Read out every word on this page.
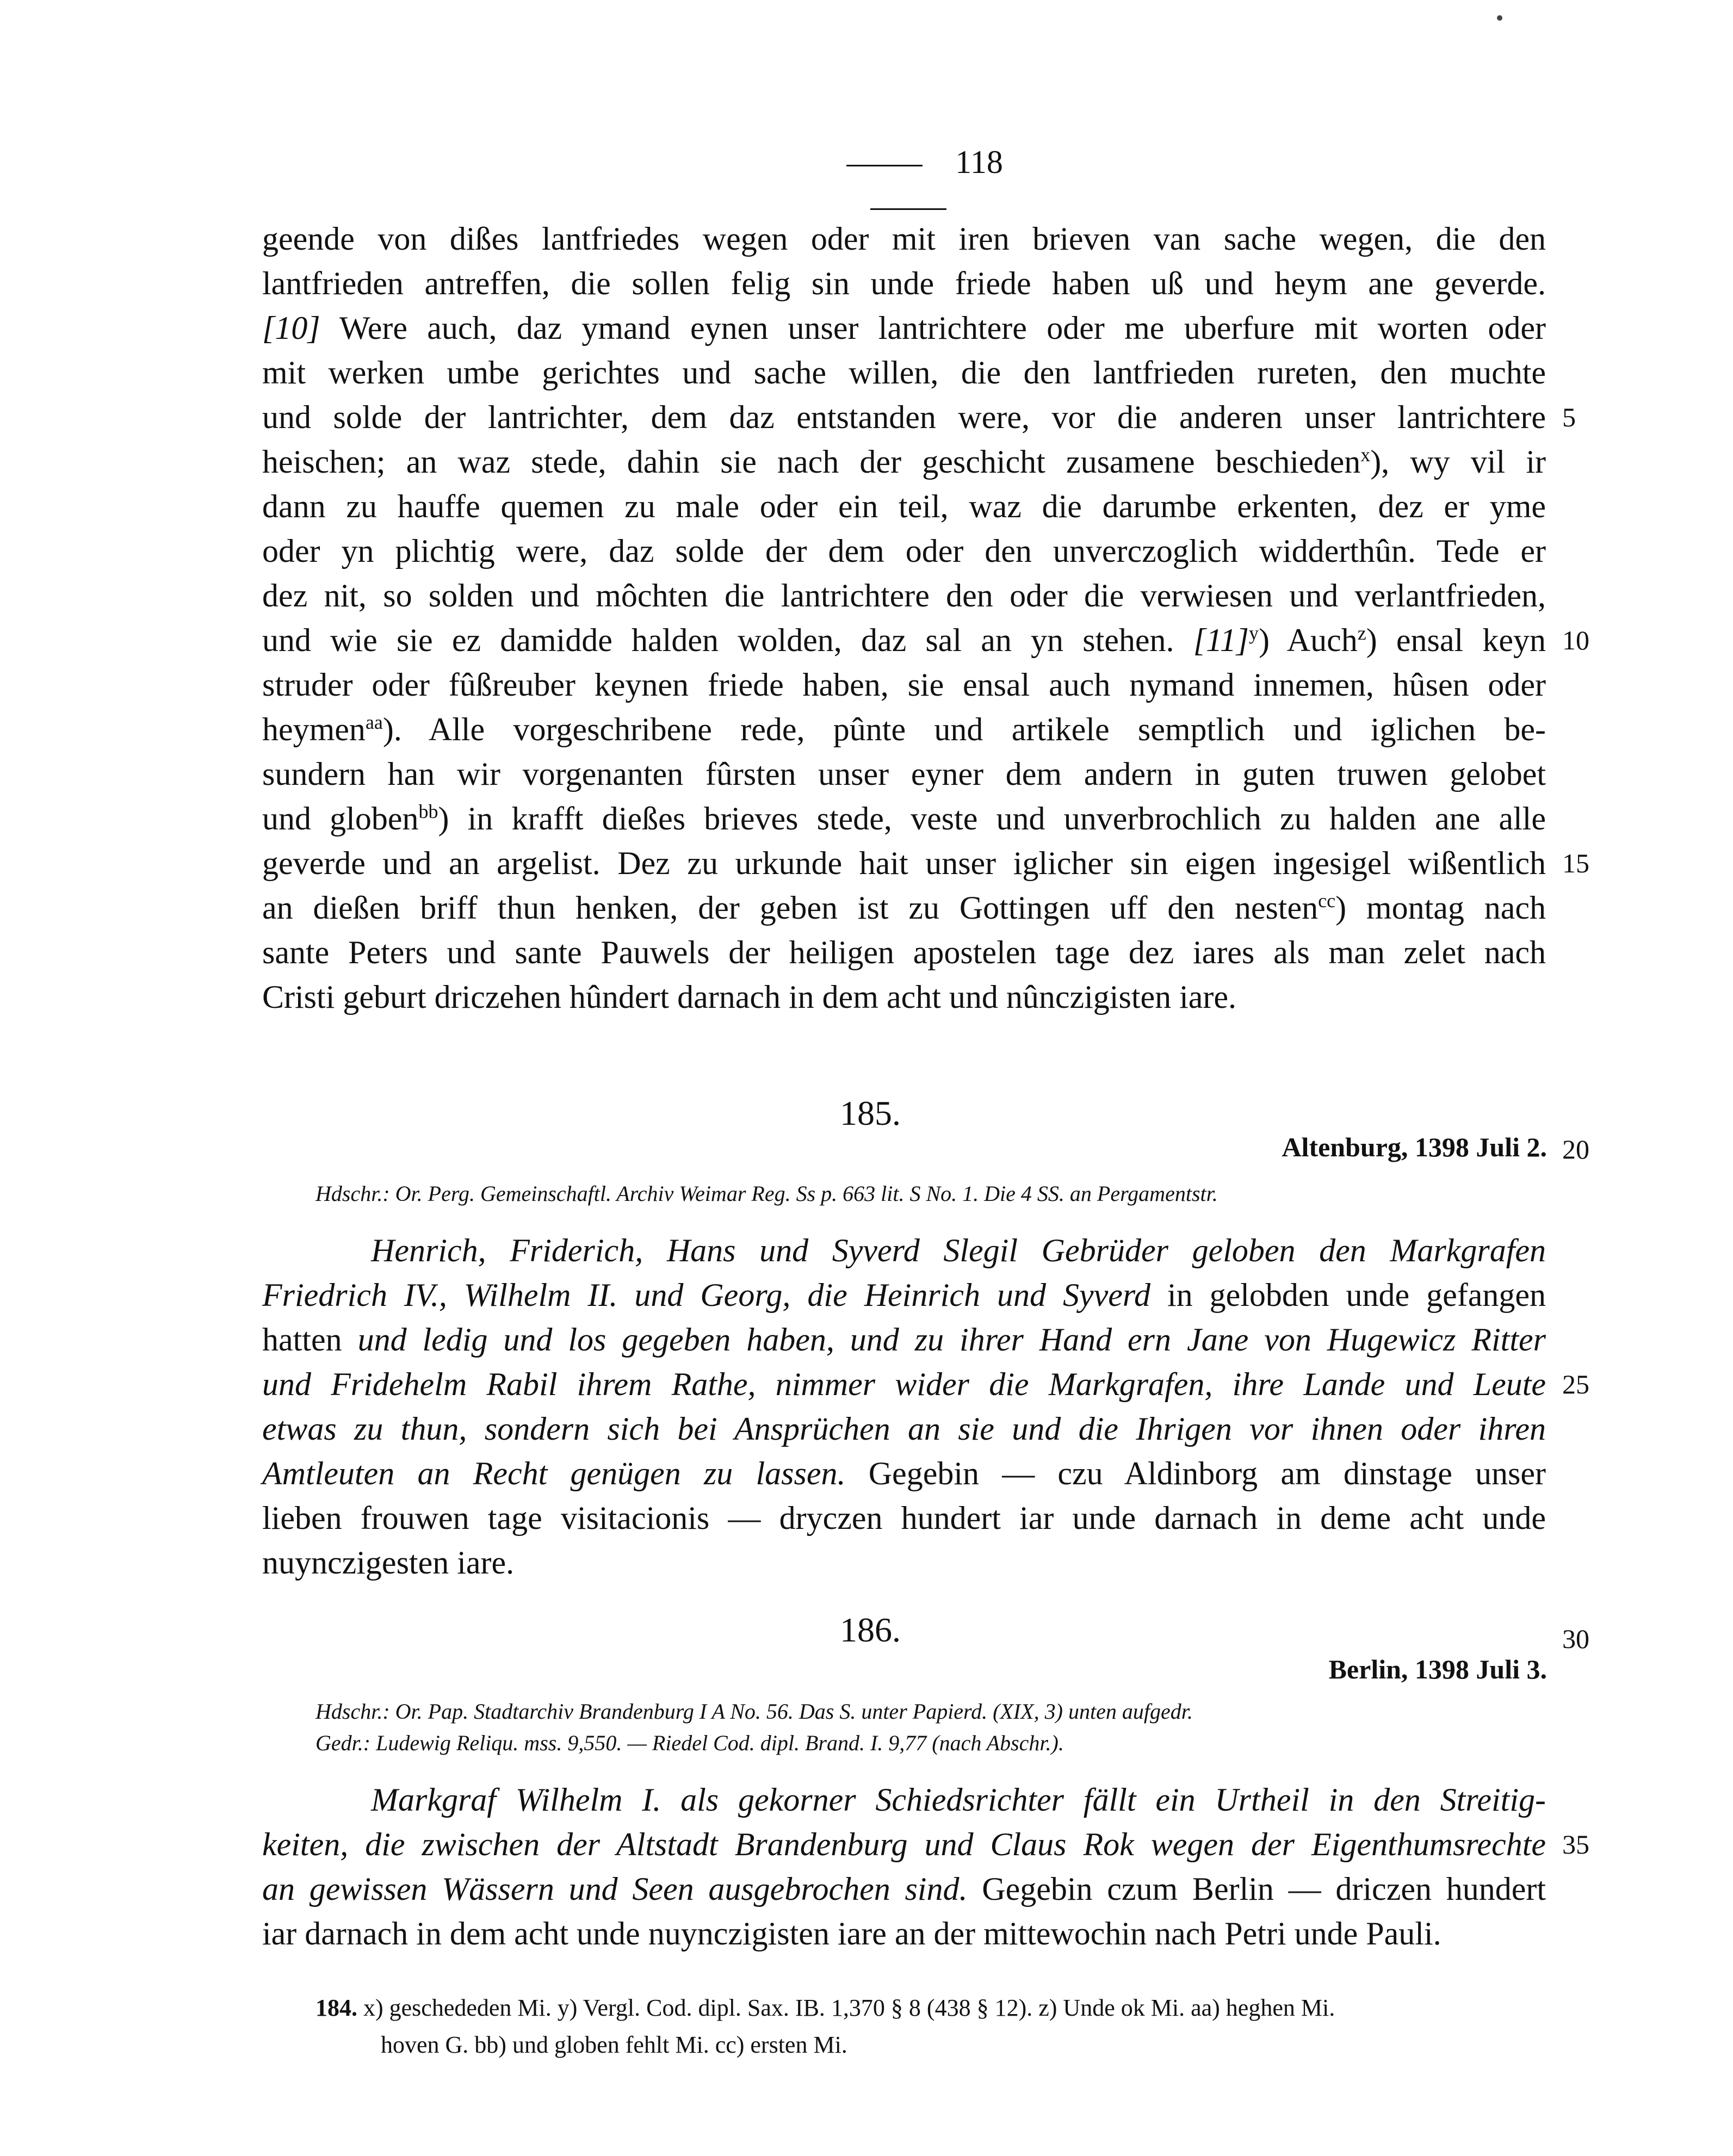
118
geende von dißes lantfriedes wegen oder mit iren brieven van sache wegen, die den
lantfrieden antreffen, die sollen felig sin unde friede haben uß und heym ane geverde.
[10] Were auch, daz ymand eynen unser lantrichtere oder me uberfure mit worten oder
mit werken umbe gerichtes und sache willen, die den lantfrieden rureten, den muchte
und solde der lantrichter, dem daz entstanden were, vor die anderen unser lantrichtere
heischen; an waz stede, dahin sie nach der geschicht zusamene beschieden$^x$), wy vil ir
dann zu hauffe quemen zu male oder ein teil, waz die darumbe erkenten, dez er yme
oder yn plichtig were, daz solde der dem oder den unverczoglich widderthûn. Tede er
dez nit, so solden und môchten die lantrichtere den oder die verwiesen und verlantfrieden,
und wie sie ez damidde halden wolden, daz sal an yn stehen. $[11]^y$) Auch$^z$) ensal keyn
struder oder fûßreuber keynen friede haben, sie ensal auch nymand innemen, hûsen oder
heymen$^{aa}$). Alle vorgeschribene rede, pûnte und artikele semptlich und iglichen be-
sundern han wir vorgenanten fûrsten unser eyner dem andern in guten truwen gelobet
und globen$^{bb}$) in krafft dießes brieves stede, veste und unverbrochlich zu halden ane alle
geverde und an argelist. Dez zu urkunde hait unser iglicher sin eigen ingesigel wißentlich
an dießen briff thun henken, der geben ist zu Gottingen uff den nesten$^{cc}$) montag nach
sante Peters und sante Pauwels der heiligen apostelen tage dez iares als man zelet nach
Cristi geburt driczehen hûndert darnach in dem acht und nûnczigisten iare.
5
10
15
185.
Altenburg, 1398 Juli 2. 20
Hdschr.: Or. Perg. Gemeinschaftl. Archiv Weimar Reg. Ss p. 663 lit. S No. 1. Die 4 SS. an Pergamentstr.
Henrich, Friderich, Hans und Syverd Slegil Gebrüder geloben den Markgrafen
Friedrich IV., Wilhelm II. und Georg, die Heinrich und Syverd in gelobden unde gefangen
hatten und ledig und los gegeben haben, und zu ihrer Hand ern Jane von Hugewicz Ritter
und Fridehelm Rabil ihrem Rathe, nimmer wider die Markgrafen, ihre Lande und Leute
etwas zu thun, sondern sich bei Ansprüchen an sie und die Ihrigen vor ihnen oder ihren
Amtleuten an Recht genügen zu lassen. Gegebin — czu Aldinborg am dinstage unser
lieben frouwen tage visitacionis — dryczen hundert iar unde darnach in deme acht unde
nuynczigesten iare.
25
186.	30
Berlin, 1398 Juli 3.
Hdschr.: Or. Pap. Stadtarchiv Brandenburg I A No. 56. Das S. unter Papierd. (XIX, 3) unten aufgedr.
Gedr.: Ludewig Reliqu. mss. 9,550. — Riedel Cod. dipl. Brand. I. 9,77 (nach Abschr.).
Markgraf Wilhelm I. als gekorner Schiedsrichter fällt ein Urtheil in den Streitig-
keiten, die zwischen der Altstadt Brandenburg und Claus Rok wegen der Eigenthumsrechte
an gewissen Wässern und Seen ausgebrochen sind. Gegebin czum Berlin — driczen hundert
iar darnach in dem acht unde nuynczigisten iare an der mittewochin nach Petri unde Pauli.
35
184. x) geschededen Mi. y) Vergl. Cod. dipl. Sax. IB. 1,370 § 8 (438 § 12). z) Unde ok Mi. aa) heghen Mi.
hoven G. bb) und globen fehlt Mi. cc) ersten Mi.
